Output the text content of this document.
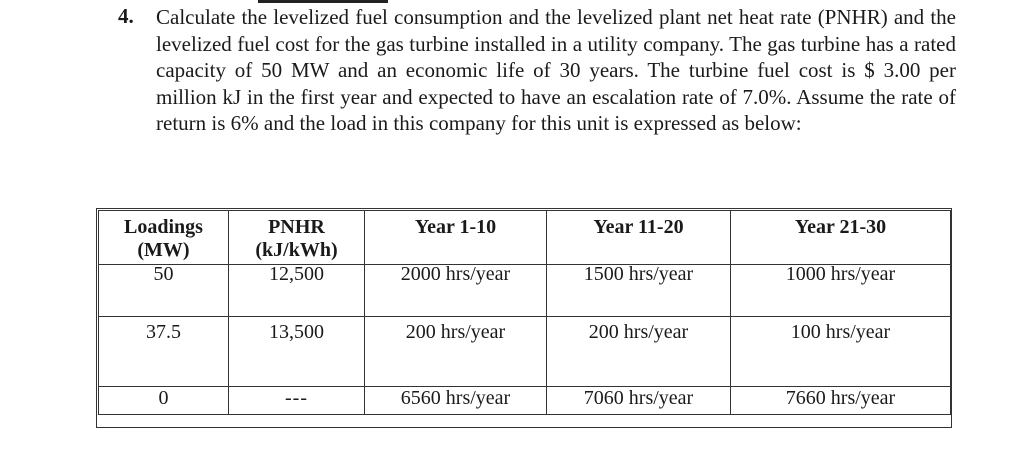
4. Calculate the levelized fuel consumption and the levelized plant net heat rate (PNHR) and the levelized fuel cost for the gas turbine installed in a utility company. The gas turbine has a rated capacity of 50 MW and an economic life of 30 years. The turbine fuel cost is $ 3.00 per million kJ in the first year and expected to have an escalation rate of 7.0%. Assume the rate of return is 6% and the load in this company for this unit is expressed as below:
Loadings (MW)	PNHR (kJ/kWh)	Year 1-10	Year 11-20	Year 21-30

50	12,500	2000 hrs/year	1500 hrs/year	1000 hrs/year

37.5	13,500	200 hrs/year	200 hrs/year	100 hrs/year

0	---	6560 hrs/year	7060 hrs/year	7660 hrs/year
